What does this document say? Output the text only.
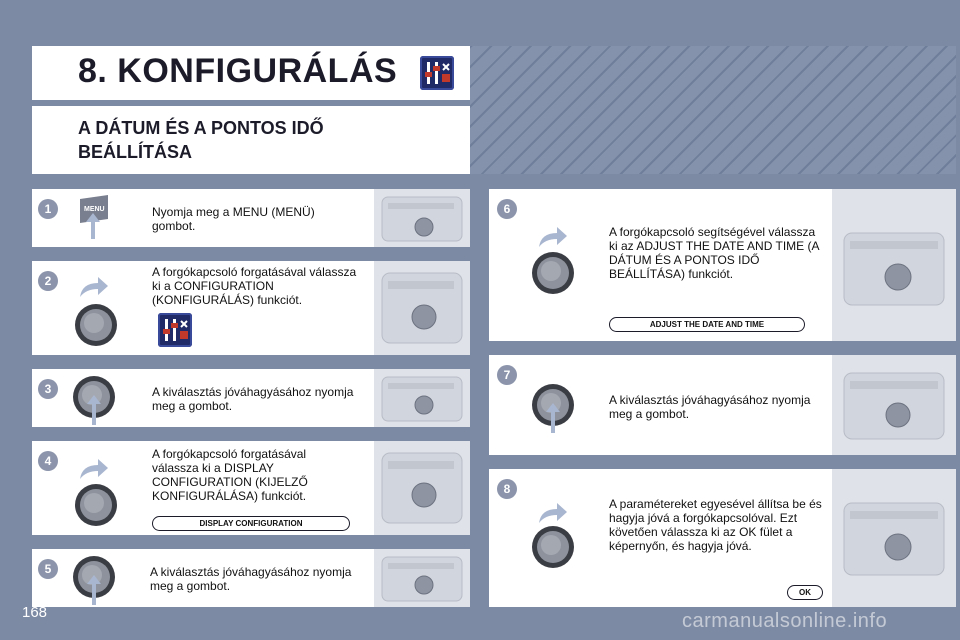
8. KONFIGURÁLÁS
A DÁTUM ÉS A PONTOS IDŐ BEÁLLÍTÁSA
1	MENU	Nyomja meg a MENU (MENÜ) gombot.
2
A forgókapcsoló forgatásával válassza ki a CONFIGURATION (KONFIGURÁLÁS) funkciót.
3	A kiválasztás jóváhagyásához nyomja meg a gombot.
4	A forgókapcsoló forgatásával válassza ki a DISPLAY CONFIGURATION (KIJELZŐ KONFIGURÁLÁSA) funkciót.
DISPLAY CONFIGURATION
5	A kiválasztás jóváhagyásához nyomja meg a gombot.
6
A forgókapcsoló segítségével válassza ki az ADJUST THE DATE AND TIME (A DÁTUM ÉS A PONTOS IDŐ BEÁLLÍTÁSA) funkciót.
ADJUST THE DATE AND TIME
7
A kiválasztás jóváhagyásához nyomja meg a gombot.
8
A paramétereket egyesével állítsa be és hagyja jóvá a forgókapcsolóval. Ezt követően válassza ki az OK fület a képernyőn, és hagyja jóvá.
OK
168	carmanualsonline.info
